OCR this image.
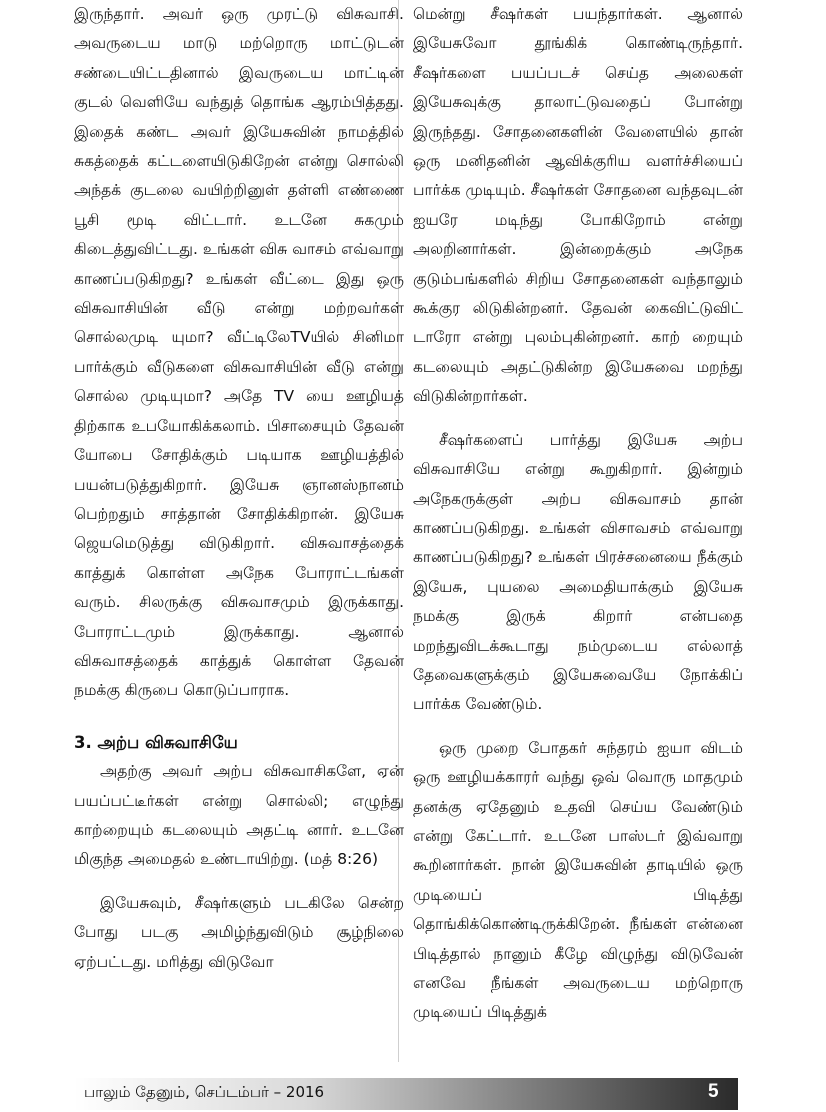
இருந்தார். அவர் ஒரு முரட்டு விசுவாசி. அவருடைய மாடு மற்றொரு மாட்டுடன் சண்டையிட்டதினால் இவருடைய மாட்டின் குடல் வெளியே வந்துத் தொங்க ஆரம்பித்தது. இதைக் கண்ட அவர் இயேசுவின் நாமத்தில் சுகத்தைக் கட்டளையிடுகிறேன் என்று சொல்லி அந்தக் குடலை வயிற்றினுள் தள்ளி எண்ணை பூசி மூடி விட்டார். உடனே சுகமும் கிடைத்துவிட்டது. உங்கள் விசு வாசம் எவ்வாறு காணப்படுகிறது? உங்கள் வீட்டை இது ஒரு விசுவாசியின் வீடு என்று மற்றவர்கள் சொல்லமுடி யுமா? வீட்டிலேTVயில் சினிமா பார்க்கும் வீடுகளை விசுவாசியின் வீடு என்று சொல்ல முடியுமா? அதே TV யை ஊழியத் திற்காக உபயோகிக்கலாம். பிசாசையும் தேவன் யோபை சோதிக்கும் படியாக ஊழியத்தில் பயன்படுத்துகிறார். இயேசு ஞானஸ்நானம் பெற்றதும் சாத்தான் சோதிக்கிறான். இயேசு ஜெயமெடுத்து விடுகிறார். விசுவாசத்தைக் காத்துக் கொள்ள அநேக போராட்டங்கள் வரும். சிலருக்கு விசுவாசமும் இருக்காது. போராட்டமும் இருக்காது. ஆனால் விசுவாசத்தைக் காத்துக் கொள்ள தேவன் நமக்கு கிருபை கொடுப்பாராக.

3. அற்ப விசுவாசியே

அதற்கு அவர் அற்ப விசுவாசிகளே, ஏன் பயப்பட்டீர்கள் என்று சொல்லி; எழுந்து காற்றையும் கடலையும் அதட்டி னார். உடனே மிகுந்த அமைதல் உண்டாயிற்று. (மத் 8:26)

இயேசுவும், சீஷர்களும் படகிலே சென்ற போது படகு அமிழ்ந்துவிடும் சூழ்நிலை ஏற்பட்டது. மரித்து விடுவோ

மென்று சீஷர்கள் பயந்தார்கள். ஆனால் இயேசுவோ தூங்கிக் கொண்டிருந்தார். சீஷர்களை பயப்படச் செய்த அலைகள் இயேசுவுக்கு தாலாட்டுவதைப் போன்று இருந்தது. சோதனைகளின் வேளையில் தான் ஒரு மனிதனின் ஆவிக்குரிய வளர்ச்சியைப் பார்க்க முடியும். சீஷர்கள் சோதனை வந்தவுடன் ஐயரே மடிந்து போகிறோம் என்று அலறினார்கள். இன்றைக்கும் அநேக குடும்பங்களில் சிறிய சோதனைகள் வந்தாலும் கூக்குர லிடுகின்றனர். தேவன் கைவிட்டுவிட் டாரோ என்று புலம்புகின்றனர். காற் றையும் கடலையும் அதட்டுகின்ற இயேசுவை மறந்து விடுகின்றார்கள்.

சீஷர்களைப் பார்த்து இயேசு அற்ப விசுவாசியே என்று கூறுகிறார். இன்றும் அநேகருக்குள் அற்ப விசுவாசம் தான் காணப்படுகிறது. உங்கள் விசாவசம் எவ்வாறு காணப்படுகிறது? உங்கள் பிரச்சனையை நீக்கும் இயேசு, புயலை அமைதியாக்கும் இயேசு நமக்கு இருக் கிறார் என்பதை மறந்துவிடக்கூடாது நம்முடைய எல்லாத் தேவைகளுக்கும் இயேசுவையே நோக்கிப் பார்க்க வேண்டும்.

ஒரு முறை போதகர் சுந்தரம் ஐயா விடம் ஒரு ஊழியக்காரர் வந்து ஒவ் வொரு மாதமும் தனக்கு ஏதேனும் உதவி செய்ய வேண்டும் என்று கேட்டார். உடனே பாஸ்டர் இவ்வாறு கூறினார்கள். நான் இயேசுவின் தாடியில் ஒரு முடியைப் பிடித்து தொங்கிக்கொண்டிருக்கிறேன். நீங்கள் என்னை பிடித்தால் நானும் கீழே விழுந்து விடுவேன் எனவே நீங்கள் அவருடைய மற்றொரு முடியைப் பிடித்துக்

பாலும் தேனும், செப்டம்பர் – 2016	5
